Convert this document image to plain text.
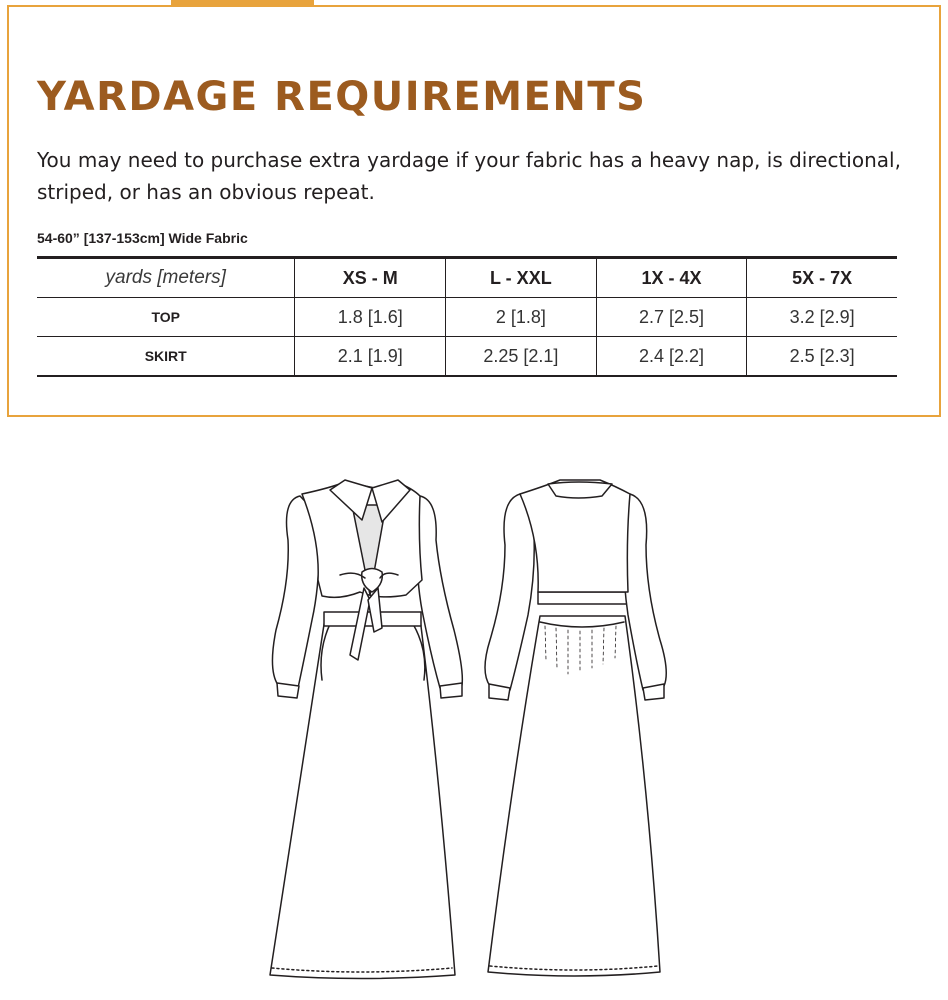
YARDAGE REQUIREMENTS

You may need to purchase extra yardage if your fabric has a heavy nap, is directional, striped, or has an obvious repeat.

54-60” [137-153cm] Wide Fabric
yards [meters]	XS - M	L - XXL	1X - 4X	5X - 7X
TOP	1.8 [1.6]	2 [1.8]	2.7 [2.5]	3.2 [2.9]
SKIRT	2.1 [1.9]	2.25 [2.1]	2.4 [2.2]	2.5 [2.3]
